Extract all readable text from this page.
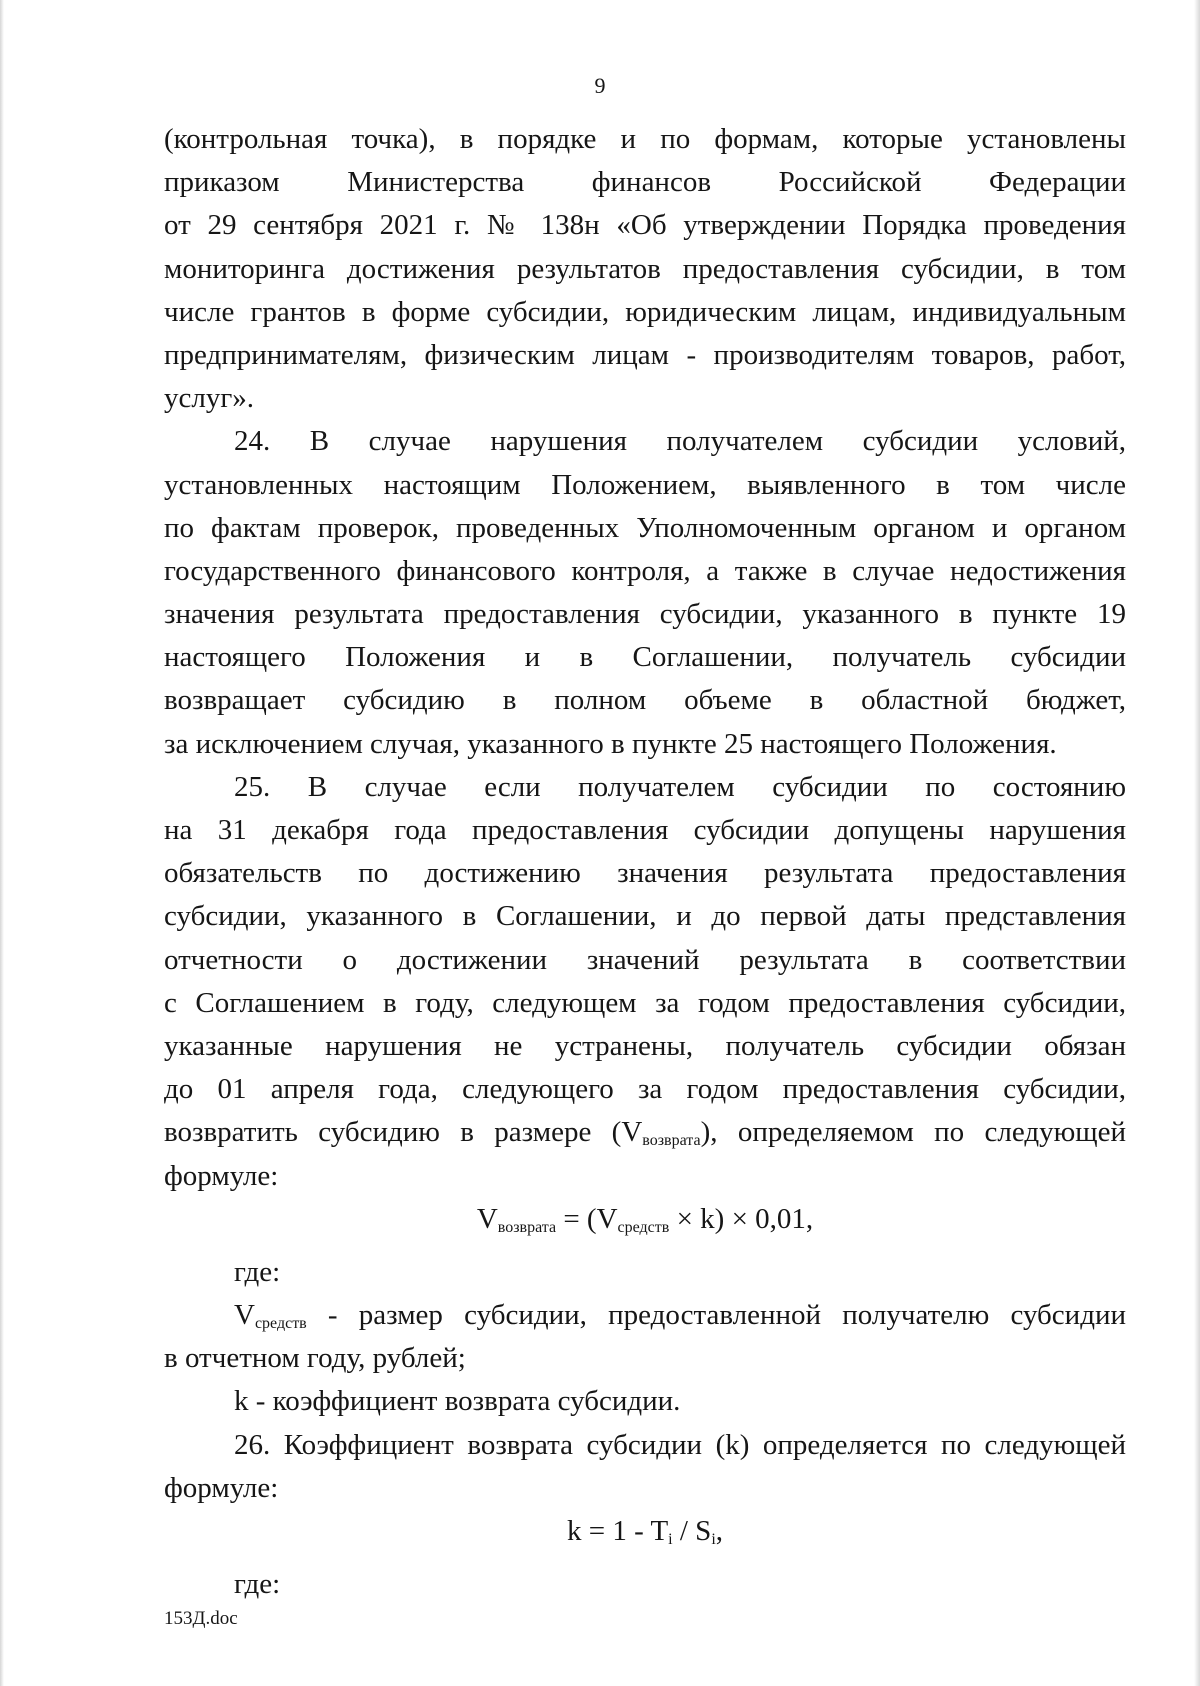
9
(контрольная точка), в порядке и по формам, которые установлены
приказом Министерства финансов Российской Федерации
от 29 сентября 2021 г. № 138н «Об утверждении Порядка проведения
мониторинга достижения результатов предоставления субсидии, в том
числе грантов в форме субсидии, юридическим лицам, индивидуальным
предпринимателям, физическим лицам - производителям товаров, работ,
услуг».
24. В случае нарушения получателем субсидии условий,
установленных настоящим Положением, выявленного в том числе
по фактам проверок, проведенных Уполномоченным органом и органом
государственного финансового контроля, а также в случае недостижения
значения результата предоставления субсидии, указанного в пункте 19
настоящего Положения и в Соглашении, получатель субсидии
возвращает субсидию в полном объеме в областной бюджет,
за исключением случая, указанного в пункте 25 настоящего Положения.
25. В случае если получателем субсидии по состоянию
на 31 декабря года предоставления субсидии допущены нарушения
обязательств по достижению значения результата предоставления
субсидии, указанного в Соглашении, и до первой даты представления
отчетности о достижении значений результата в соответствии
с Соглашением в году, следующем за годом предоставления субсидии,
указанные нарушения не устранены, получатель субсидии обязан
до 01 апреля года, следующего за годом предоставления субсидии,
возвратить субсидию в размере $(V_{возврата})$, определяемом по следующей
формуле:
$V_{возврата} = (V_{средств} \times k) \times 0,01$,
где:
$V_{средств}$ - размер субсидии, предоставленной получателю субсидии
в отчетном году, рублей;
k - коэффициент возврата субсидии.
26. Коэффициент возврата субсидии (k) определяется по следующей
формуле:
$k = 1 - T_i / S_i$,
где:
153Д.doc
